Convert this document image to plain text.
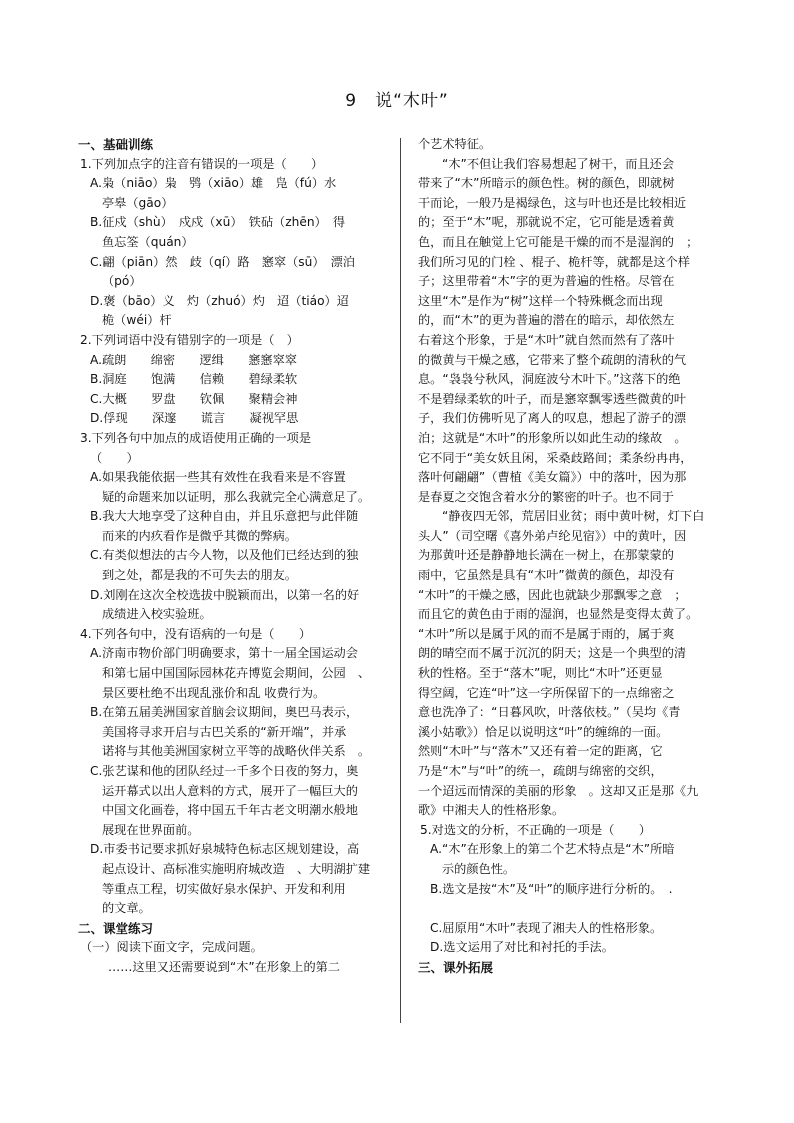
9　说“木叶”
一、基础训练
1.下列加点字的注音有错误的一项是（　　）
A.枭（niāo）枭　鸮（xiāo）雄　凫（fú）水
亭皋（gāo）
B.征戍（shù）　戍戍（xū）　铁砧（zhēn）　得
鱼忘筌（quán）
C.翩（piān）然　歧（qí）路　窸窣（sū）　漂泊
（pó）
D.褒（bāo）义　灼（zhuó）灼　迢（tiáo）迢
桅（wéi）杆
2.下列词语中没有错别字的一项是（　）
A.疏朗　　绵密　　逻缉　　窸窸窣窣
B.洞庭　　饱满　　信赖　　碧绿柔软
C.大概　　罗盘　　钦佩　　聚精会神
D.俘现　　深邃　　谎言　　凝视罕思
3.下列各句中加点的成语使用正确的一项是
（　　）
A.如果我能依据一些其有效性在我看来是不容置
疑的命题来加以证明，那么我就完全心满意足了。
B.我大大地享受了这种自由，并且乐意把与此伴随
而来的内疚看作是微乎其微的弊病。
C.有类似想法的古今人物，以及他们已经达到的独
到之处，都是我的不可失去的朋友。
D.刘刚在这次全校选拔中脱颖而出，以第一名的好
成绩进入校实验班。
4.下列各句中，没有语病的一句是（　　）
A.济南市物价部门明确要求，第十一届全国运动会
和第七届中国国际园林花卉博览会期间，公园　、
景区要杜绝不出现乱涨价和乱 收费行为。
B.在第五届美洲国家首脑会议期间，奥巴马表示，
美国将寻求开启与古巴关系的“新开端”，并承
诺将与其他美洲国家树立平等的战略伙伴关系　。
C.张艺谋和他的团队经过一千多个日夜的努力，奥
运开幕式以出人意料的方式，展开了一幅巨大的
中国文化画卷，将中国五千年古老文明潮水般地
展现在世界面前。
D.市委书记要求抓好泉城特色标志区规划建设，高
起点设计、高标准实施明府城改造　、大明湖扩建
等重点工程，切实做好泉水保护、开发和利用
的文章。
二、课堂练习
（一）阅读下面文字，完成问题。
……这里又还需要说到“木”在形象上的第二
个艺术特征。
“木”不但让我们容易想起了树干，而且还会
带来了“木”所暗示的颜色性。树的颜色，即就树
干而论，一般乃是褐绿色，这与叶也还是比较相近
的；至于“木”呢，那就说不定，它可能是透着黄
色，而且在触觉上它可能是干燥的而不是湿润的　；
我们所习见的门栓 、棍子、桅杆等，就都是这个样
子；这里带着“木”字的更为普遍的性格。尽管在
这里“木”是作为“树”这样一个特殊概念而出现
的，而“木”的更为普遍的潜在的暗示，却依然左
右着这个形象，于是“木叶”就自然而然有了落叶
的微黄与干燥之感，它带来了整个疏朗的清秋的气
息。“袅袅兮秋风，洞庭波兮木叶下。”这落下的绝
不是碧绿柔软的叶子，而是窸窣飘零透些微黄的叶
子，我们仿佛听见了离人的叹息，想起了游子的漂
泊；这就是“木叶”的形象所以如此生动的缘故　。
它不同于“美女妖且闲，采桑歧路间；柔条纷冉冉，
落叶何翩翩”（曹植《美女篇》）中的落叶，因为那
是春夏之交饱含着水分的繁密的叶子。也不同于
“静夜四无邻，荒居旧业贫；雨中黄叶树，灯下白
头人”（司空曙《喜外弟卢纶见宿》）中的黄叶，因
为那黄叶还是静静地长满在一树上，在那蒙蒙的
雨中，它虽然是具有“木叶”微黄的颜色，却没有
“木叶”的干燥之感，因此也就缺少那飘零之意　；
而且它的黄色由于雨的湿润，也显然是变得太黄了。
“木叶”所以是属于风的而不是属于雨的，属于爽
朗的晴空而不属于沉沉的阴天；这是一个典型的清
秋的性格。至于“落木”呢，则比“木叶”还更显
得空阔，它连“叶”这一字所保留下的一点绵密之
意也洗净了：“日暮风吹，叶落依枝。”（吴均《青
溪小姑歌》）恰足以说明这“叶”的缠绵的一面。
然则“木叶”与“落木”又还有着一定的距离，它
乃是“木”与“叶”的统一，疏朗与绵密的交织，
一个迢远而情深的美丽的形象　。这却又正是那《九
歌》中湘夫人的性格形象。
5.对选文的分析，不正确的一项是（　　）
A.“木”在形象上的第二个艺术特点是“木”所暗
示的颜色性。
B.选文是按“木”及“叶”的顺序进行分析的。　.
C.屈原用“木叶”表现了湘夫人的性格形象。
D.选文运用了对比和衬托的手法。
三、课外拓展
